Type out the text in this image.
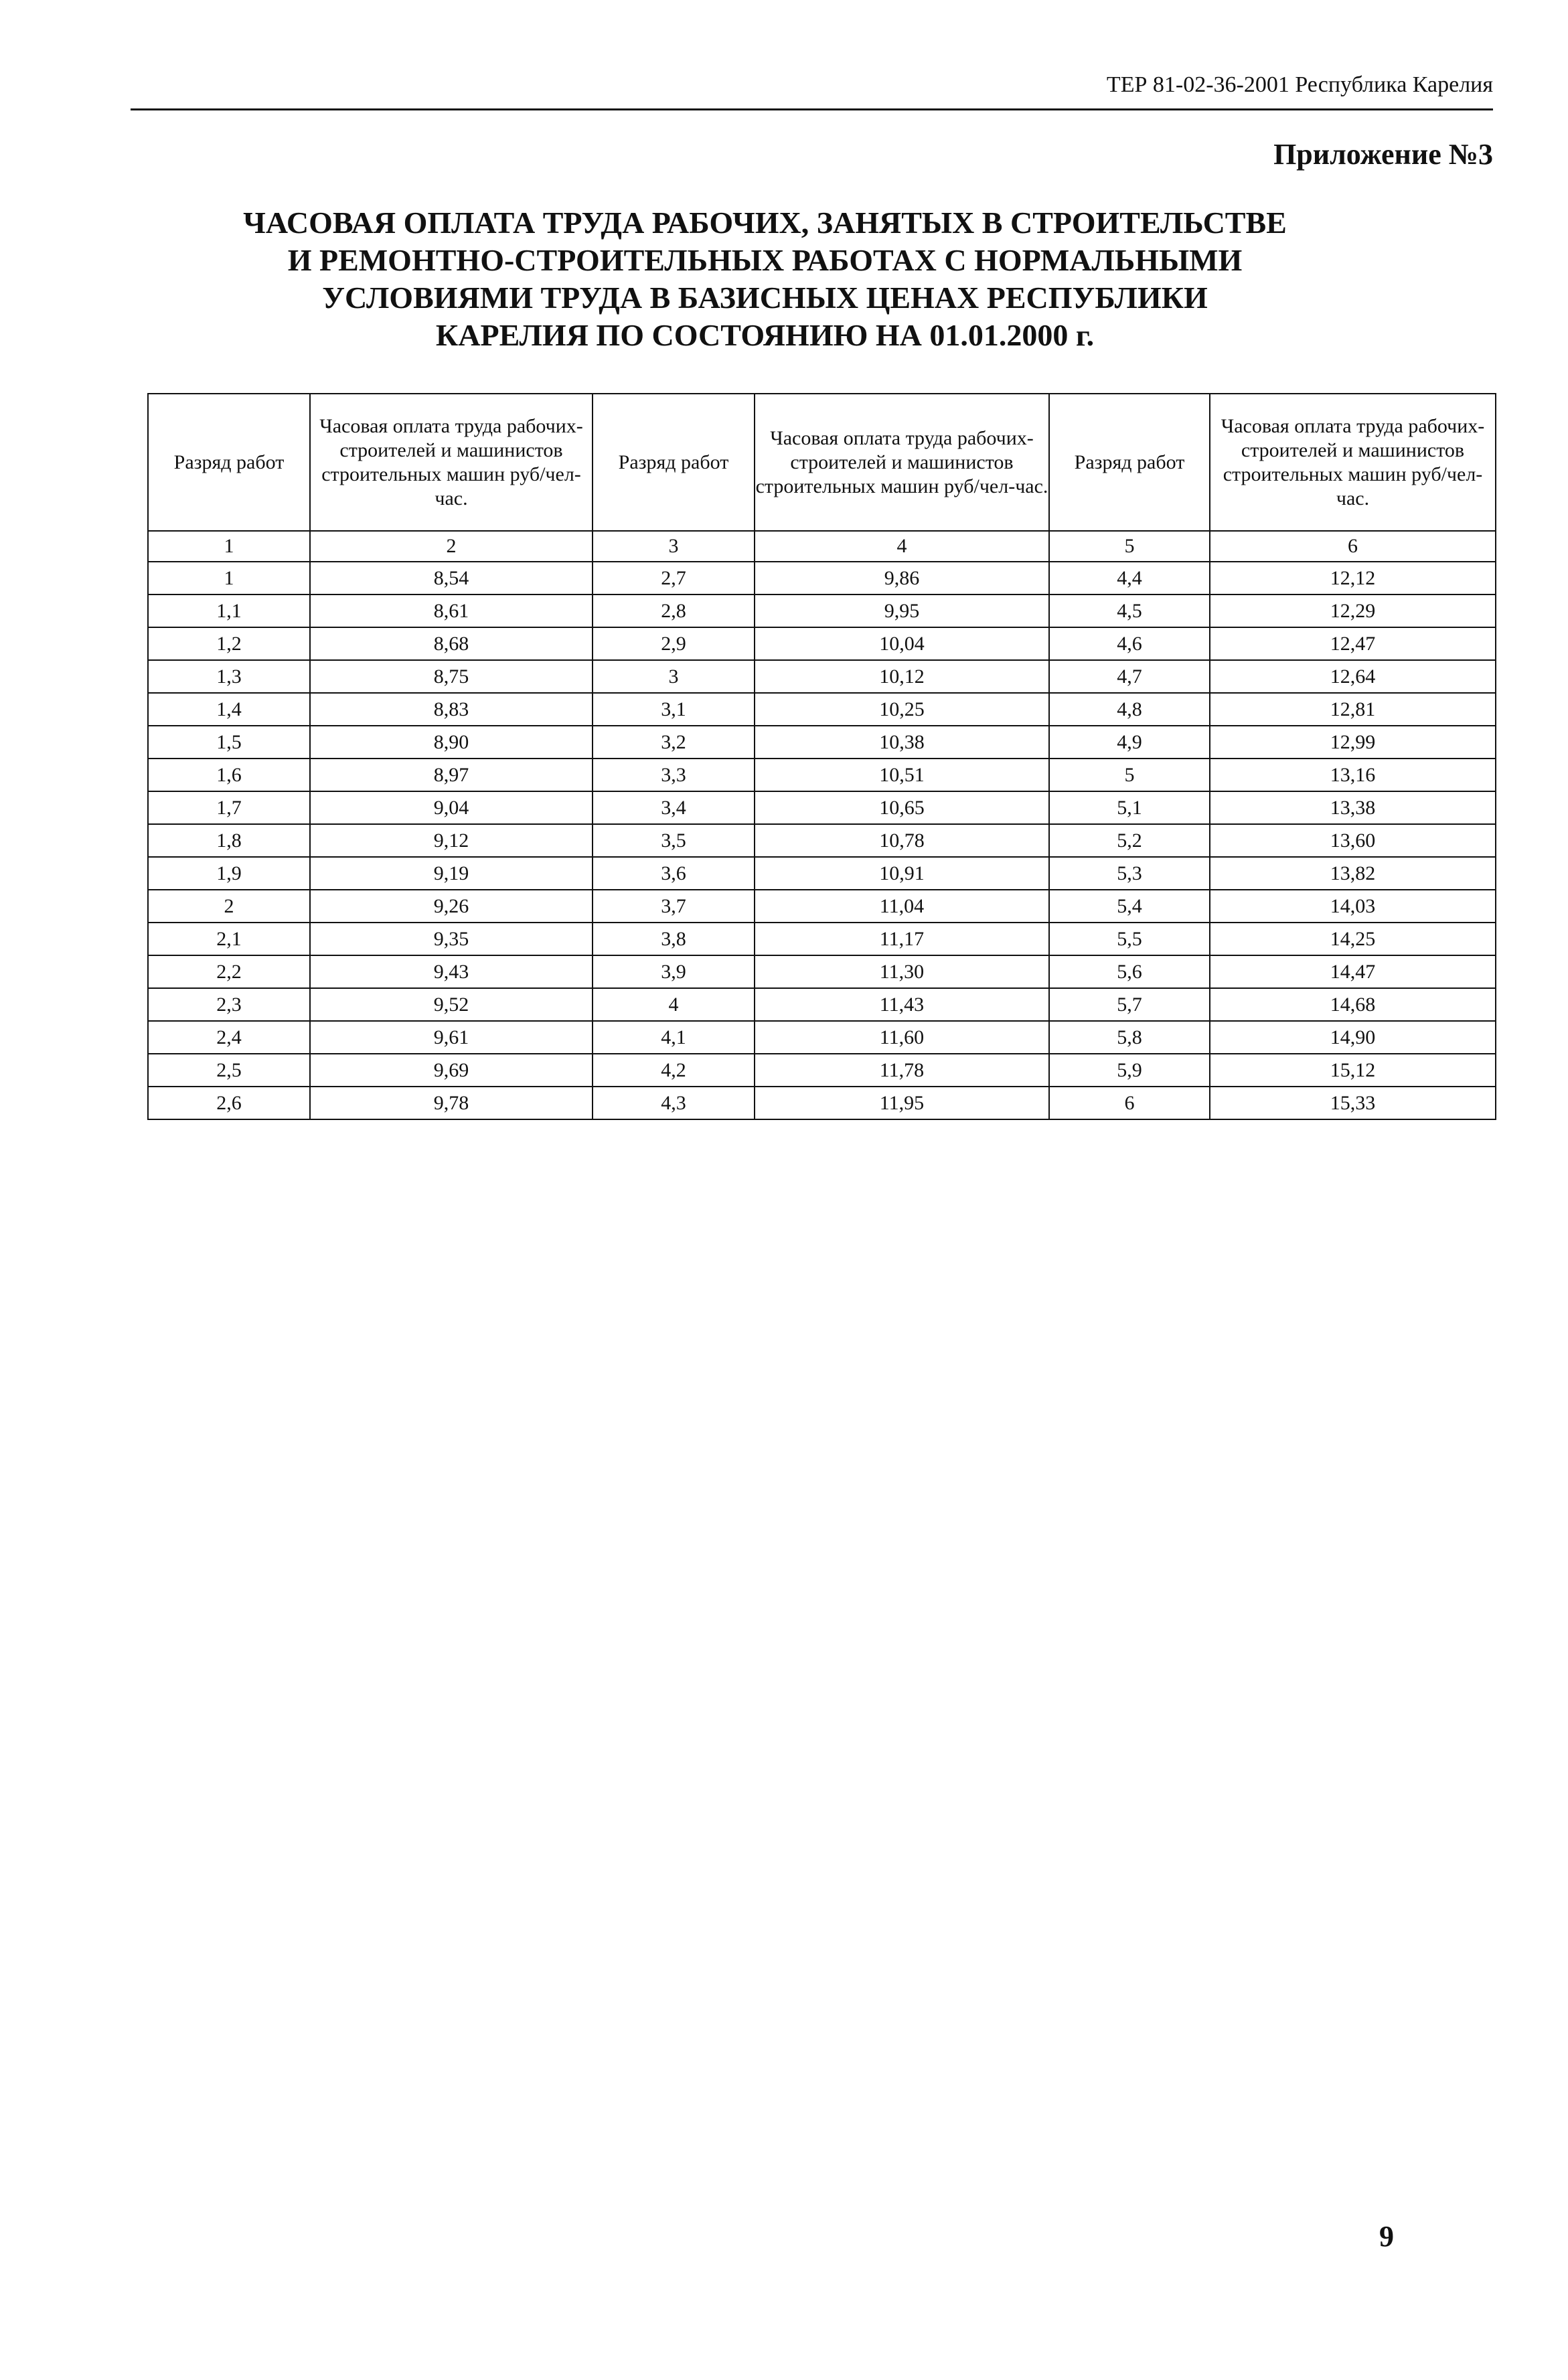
ТЕР 81-02-36-2001 Республика Карелия
Приложение №3
ЧАСОВАЯ ОПЛАТА ТРУДА РАБОЧИХ, ЗАНЯТЫХ В СТРОИТЕЛЬСТВЕ
И РЕМОНТНО-СТРОИТЕЛЬНЫХ РАБОТАХ С НОРМАЛЬНЫМИ
УСЛОВИЯМИ ТРУДА В БАЗИСНЫХ ЦЕНАХ РЕСПУБЛИКИ
КАРЕЛИЯ ПО СОСТОЯНИЮ НА 01.01.2000 г.
Разряд работ	Часовая оплата труда рабочих-строителей и машинистов строительных машин руб/чел-час.	Разряд работ	Часовая оплата труда рабочих-строителей и машинистов строительных машин руб/чел-час.	Разряд работ	Часовая оплата труда рабочих-строителей и машинистов строительных машин руб/чел-час.
1	2	3	4	5	6
1	8,54	2,7	9,86	4,4	12,12
1,1	8,61	2,8	9,95	4,5	12,29
1,2	8,68	2,9	10,04	4,6	12,47
1,3	8,75	3	10,12	4,7	12,64
1,4	8,83	3,1	10,25	4,8	12,81
1,5	8,90	3,2	10,38	4,9	12,99
1,6	8,97	3,3	10,51	5	13,16
1,7	9,04	3,4	10,65	5,1	13,38
1,8	9,12	3,5	10,78	5,2	13,60
1,9	9,19	3,6	10,91	5,3	13,82
2	9,26	3,7	11,04	5,4	14,03
2,1	9,35	3,8	11,17	5,5	14,25
2,2	9,43	3,9	11,30	5,6	14,47
2,3	9,52	4	11,43	5,7	14,68
2,4	9,61	4,1	11,60	5,8	14,90
2,5	9,69	4,2	11,78	5,9	15,12
2,6	9,78	4,3	11,95	6	15,33
9
